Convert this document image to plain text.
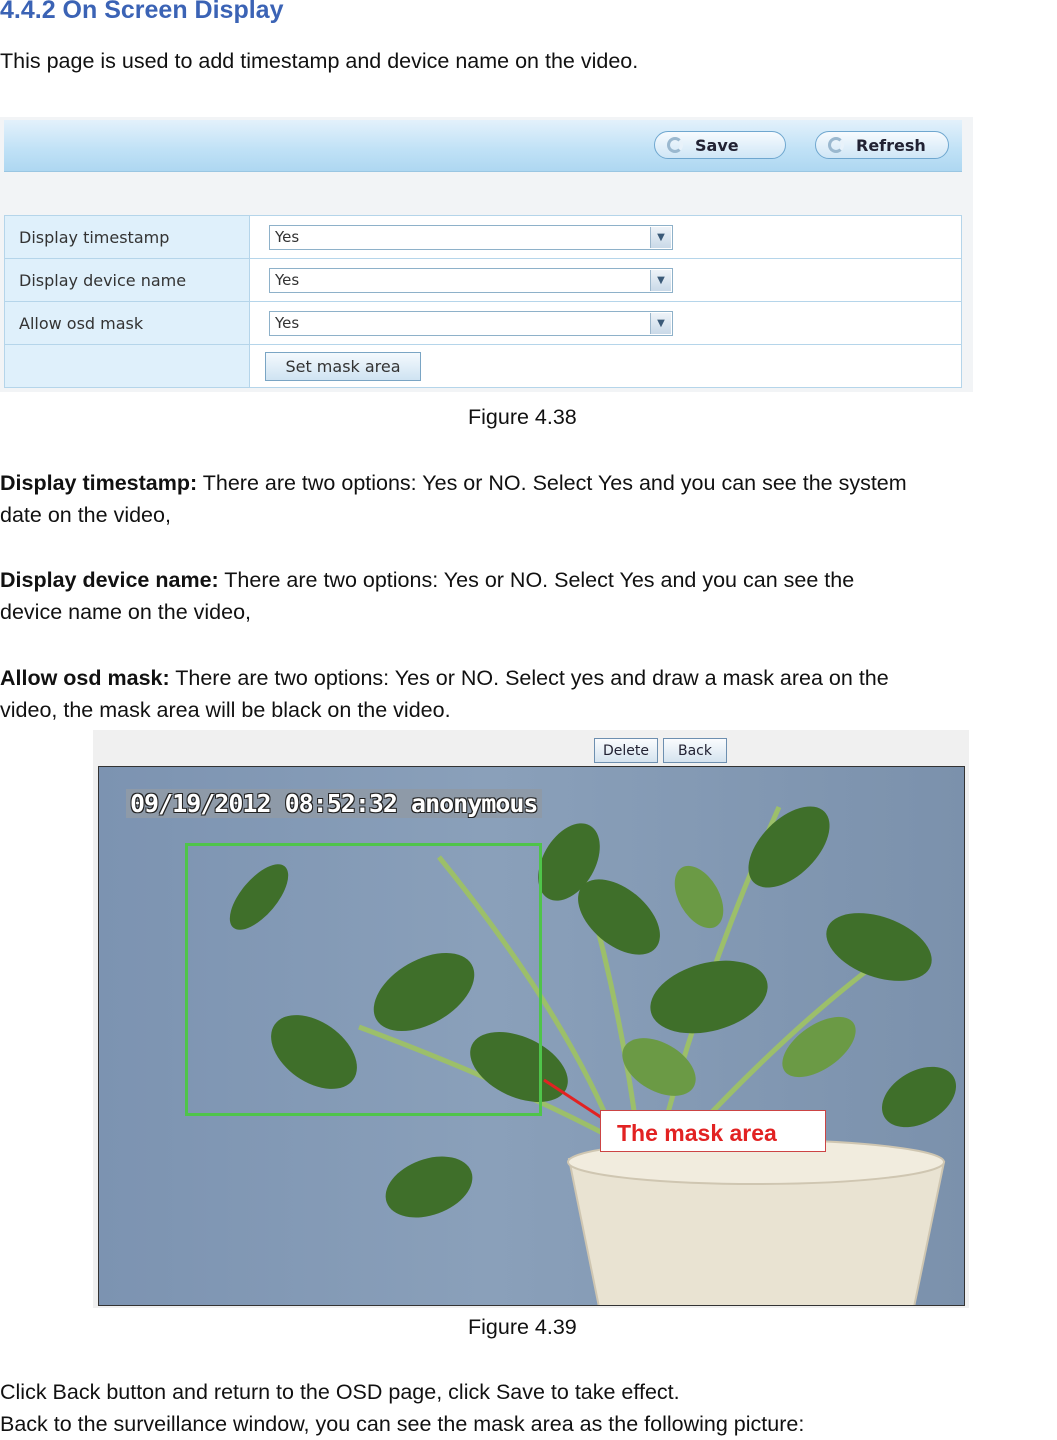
4.4.2 On Screen Display
This page is used to add timestamp and device name on the video.
Save	Refresh
Display timestamp	Yes ▼

Display device name	Yes ▼

Allow osd mask	Yes ▼

Set mask area
Figure 4.38
Display timestamp: There are two options: Yes or NO. Select Yes and you can see the system
date on the video,
Display device name: There are two options: Yes or NO. Select Yes and you can see the
device name on the video,
Allow osd mask: There are two options: Yes or NO. Select yes and draw a mask area on the
video, the mask area will be black on the video.
Delete	Back
09/19/2012 08:52:32 anonymous
The mask area
Figure 4.39
Click Back button and return to the OSD page, click Save to take effect.
Back to the surveillance window, you can see the mask area as the following picture:
